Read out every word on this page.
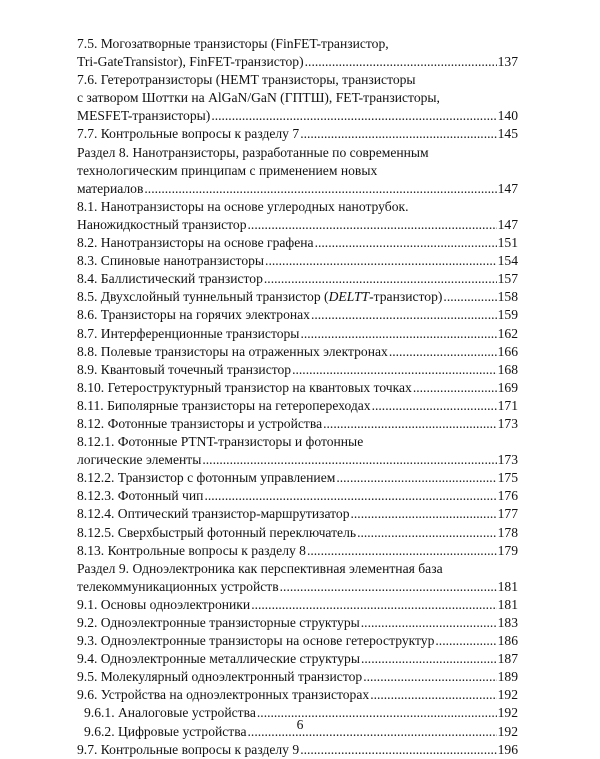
7.5. Могозатворные транзисторы (FinFET-транзистор,
Tri-GateTransistor), FinFET-транзистор) .....	137
7.6. Гетеротранзисторы (HEMT транзисторы, транзисторы
с затвором Шоттки на AlGaN/GaN (ГПТШ), FET-транзисторы,
MESFET-транзисторы) .....	140
7.7. Контрольные вопросы к разделу 7 .....	145
Раздел 8. Нанотранзисторы, разработанные по современным
технологическим принципам с применением новых
материалов .....	147
8.1. Нанотранзисторы на основе углеродных нанотрубок.
Наножидкостный транзистор .....	147
8.2. Нанотранзисторы на основе графена .....	151
8.3. Спиновые нанотранзисторы .....	154
8.4. Баллистический транзистор .....	157
8.5. Двухслойный туннельный транзистор (DELTT-транзистор) .....	158
8.6. Транзисторы на горячих электронах .....	159
8.7. Интерференционные транзисторы .....	162
8.8. Полевые транзисторы на отраженных электронах .....	166
8.9. Квантовый точечный транзистор .....	168
8.10. Гетероструктурный транзистор на квантовых точках .....	169
8.11. Биполярные транзисторы на гетеропереходах .....	171
8.12. Фотонные транзисторы и устройства .....	173
8.12.1. Фотонные PTNT-транзисторы и фотонные
логические элементы .....	173
8.12.2. Транзистор с фотонным управлением .....	175
8.12.3. Фотонный чип .....	176
8.12.4. Оптический транзистор-маршрутизатор .....	177
8.12.5. Сверхбыстрый фотонный переключатель .....	178
8.13. Контрольные вопросы к разделу 8 .....	179
Раздел 9. Одноэлектроника как перспективная элементная база
телекоммуникационных устройств .....	181
9.1. Основы одноэлектроники .....	181
9.2. Одноэлектронные транзисторные структуры .....	183
9.3. Одноэлектронные транзисторы на основе гетероструктур .....	186
9.4. Одноэлектронные металлические структуры .....	187
9.5. Молекулярный одноэлектронный транзистор .....	189
9.6. Устройства на одноэлектронных транзисторах .....	192
9.6.1. Аналоговые устройства .....	192
9.6.2. Цифровые устройства .....	192
9.7. Контрольные вопросы к разделу 9 .....	196
6
